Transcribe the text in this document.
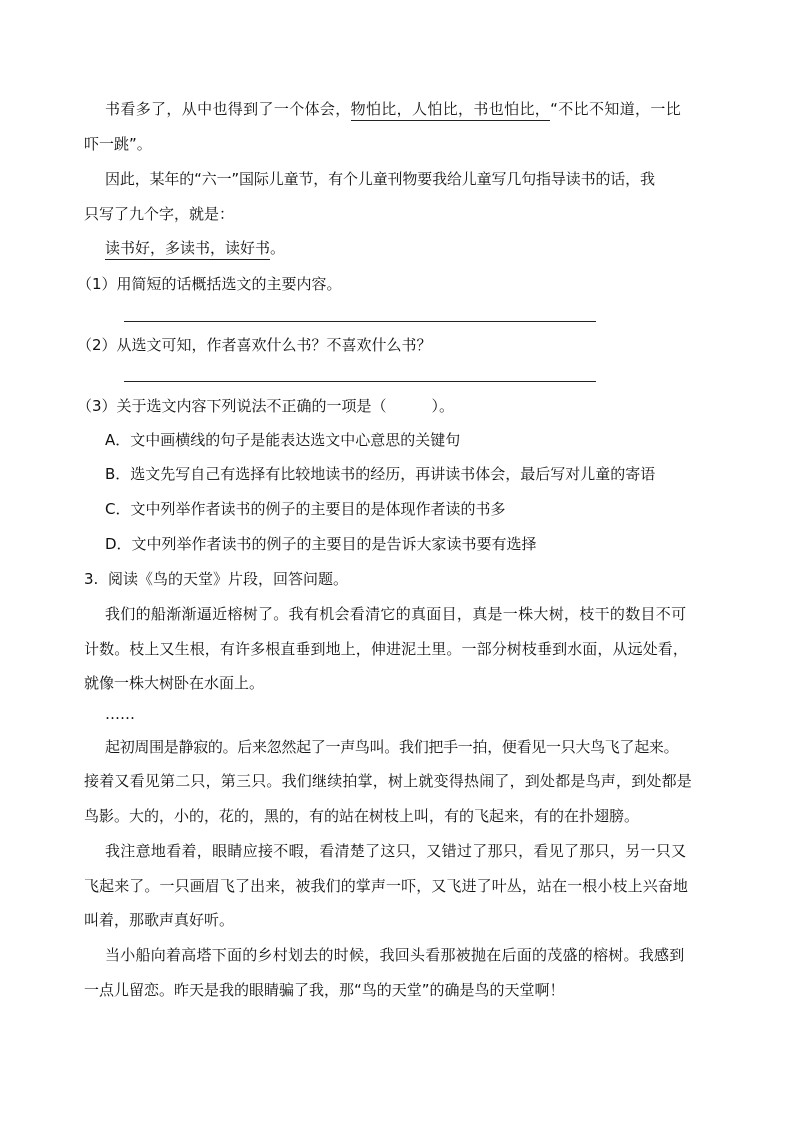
书看多了，从中也得到了一个体会，物怕比，人怕比，书也怕比，“不比不知道，一比
吓一跳”。
因此，某年的“六一”国际儿童节，有个儿童刊物要我给儿童写几句指导读书的话，我
只写了九个字，就是：
读书好，多读书，读好书。
（1）用简短的话概括选文的主要内容。
（2）从选文可知，作者喜欢什么书？不喜欢什么书？
（3）关于选文内容下列说法不正确的一项是（　　　）。
A．文中画横线的句子是能表达选文中心意思的关键句
B．选文先写自己有选择有比较地读书的经历，再讲读书体会，最后写对儿童的寄语
C．文中列举作者读书的例子的主要目的是体现作者读的书多
D．文中列举作者读书的例子的主要目的是告诉大家读书要有选择
3. 阅读《鸟的天堂》片段，回答问题。
我们的船渐渐逼近榕树了。我有机会看清它的真面目，真是一株大树，枝干的数目不可
计数。枝上又生根，有许多根直垂到地上，伸进泥土里。一部分树枝垂到水面，从远处看，
就像一株大树卧在水面上。
……
起初周围是静寂的。后来忽然起了一声鸟叫。我们把手一拍，便看见一只大鸟飞了起来。
接着又看见第二只，第三只。我们继续拍掌，树上就变得热闹了，到处都是鸟声，到处都是
鸟影。大的，小的，花的，黑的，有的站在树枝上叫，有的飞起来，有的在扑翅膀。
我注意地看着，眼睛应接不暇，看清楚了这只，又错过了那只，看见了那只，另一只又
飞起来了。一只画眉飞了出来，被我们的掌声一吓，又飞进了叶丛，站在一根小枝上兴奋地
叫着，那歌声真好听。
当小船向着高塔下面的乡村划去的时候，我回头看那被抛在后面的茂盛的榕树。我感到
一点儿留恋。昨天是我的眼睛骗了我，那“鸟的天堂”的确是鸟的天堂啊！
